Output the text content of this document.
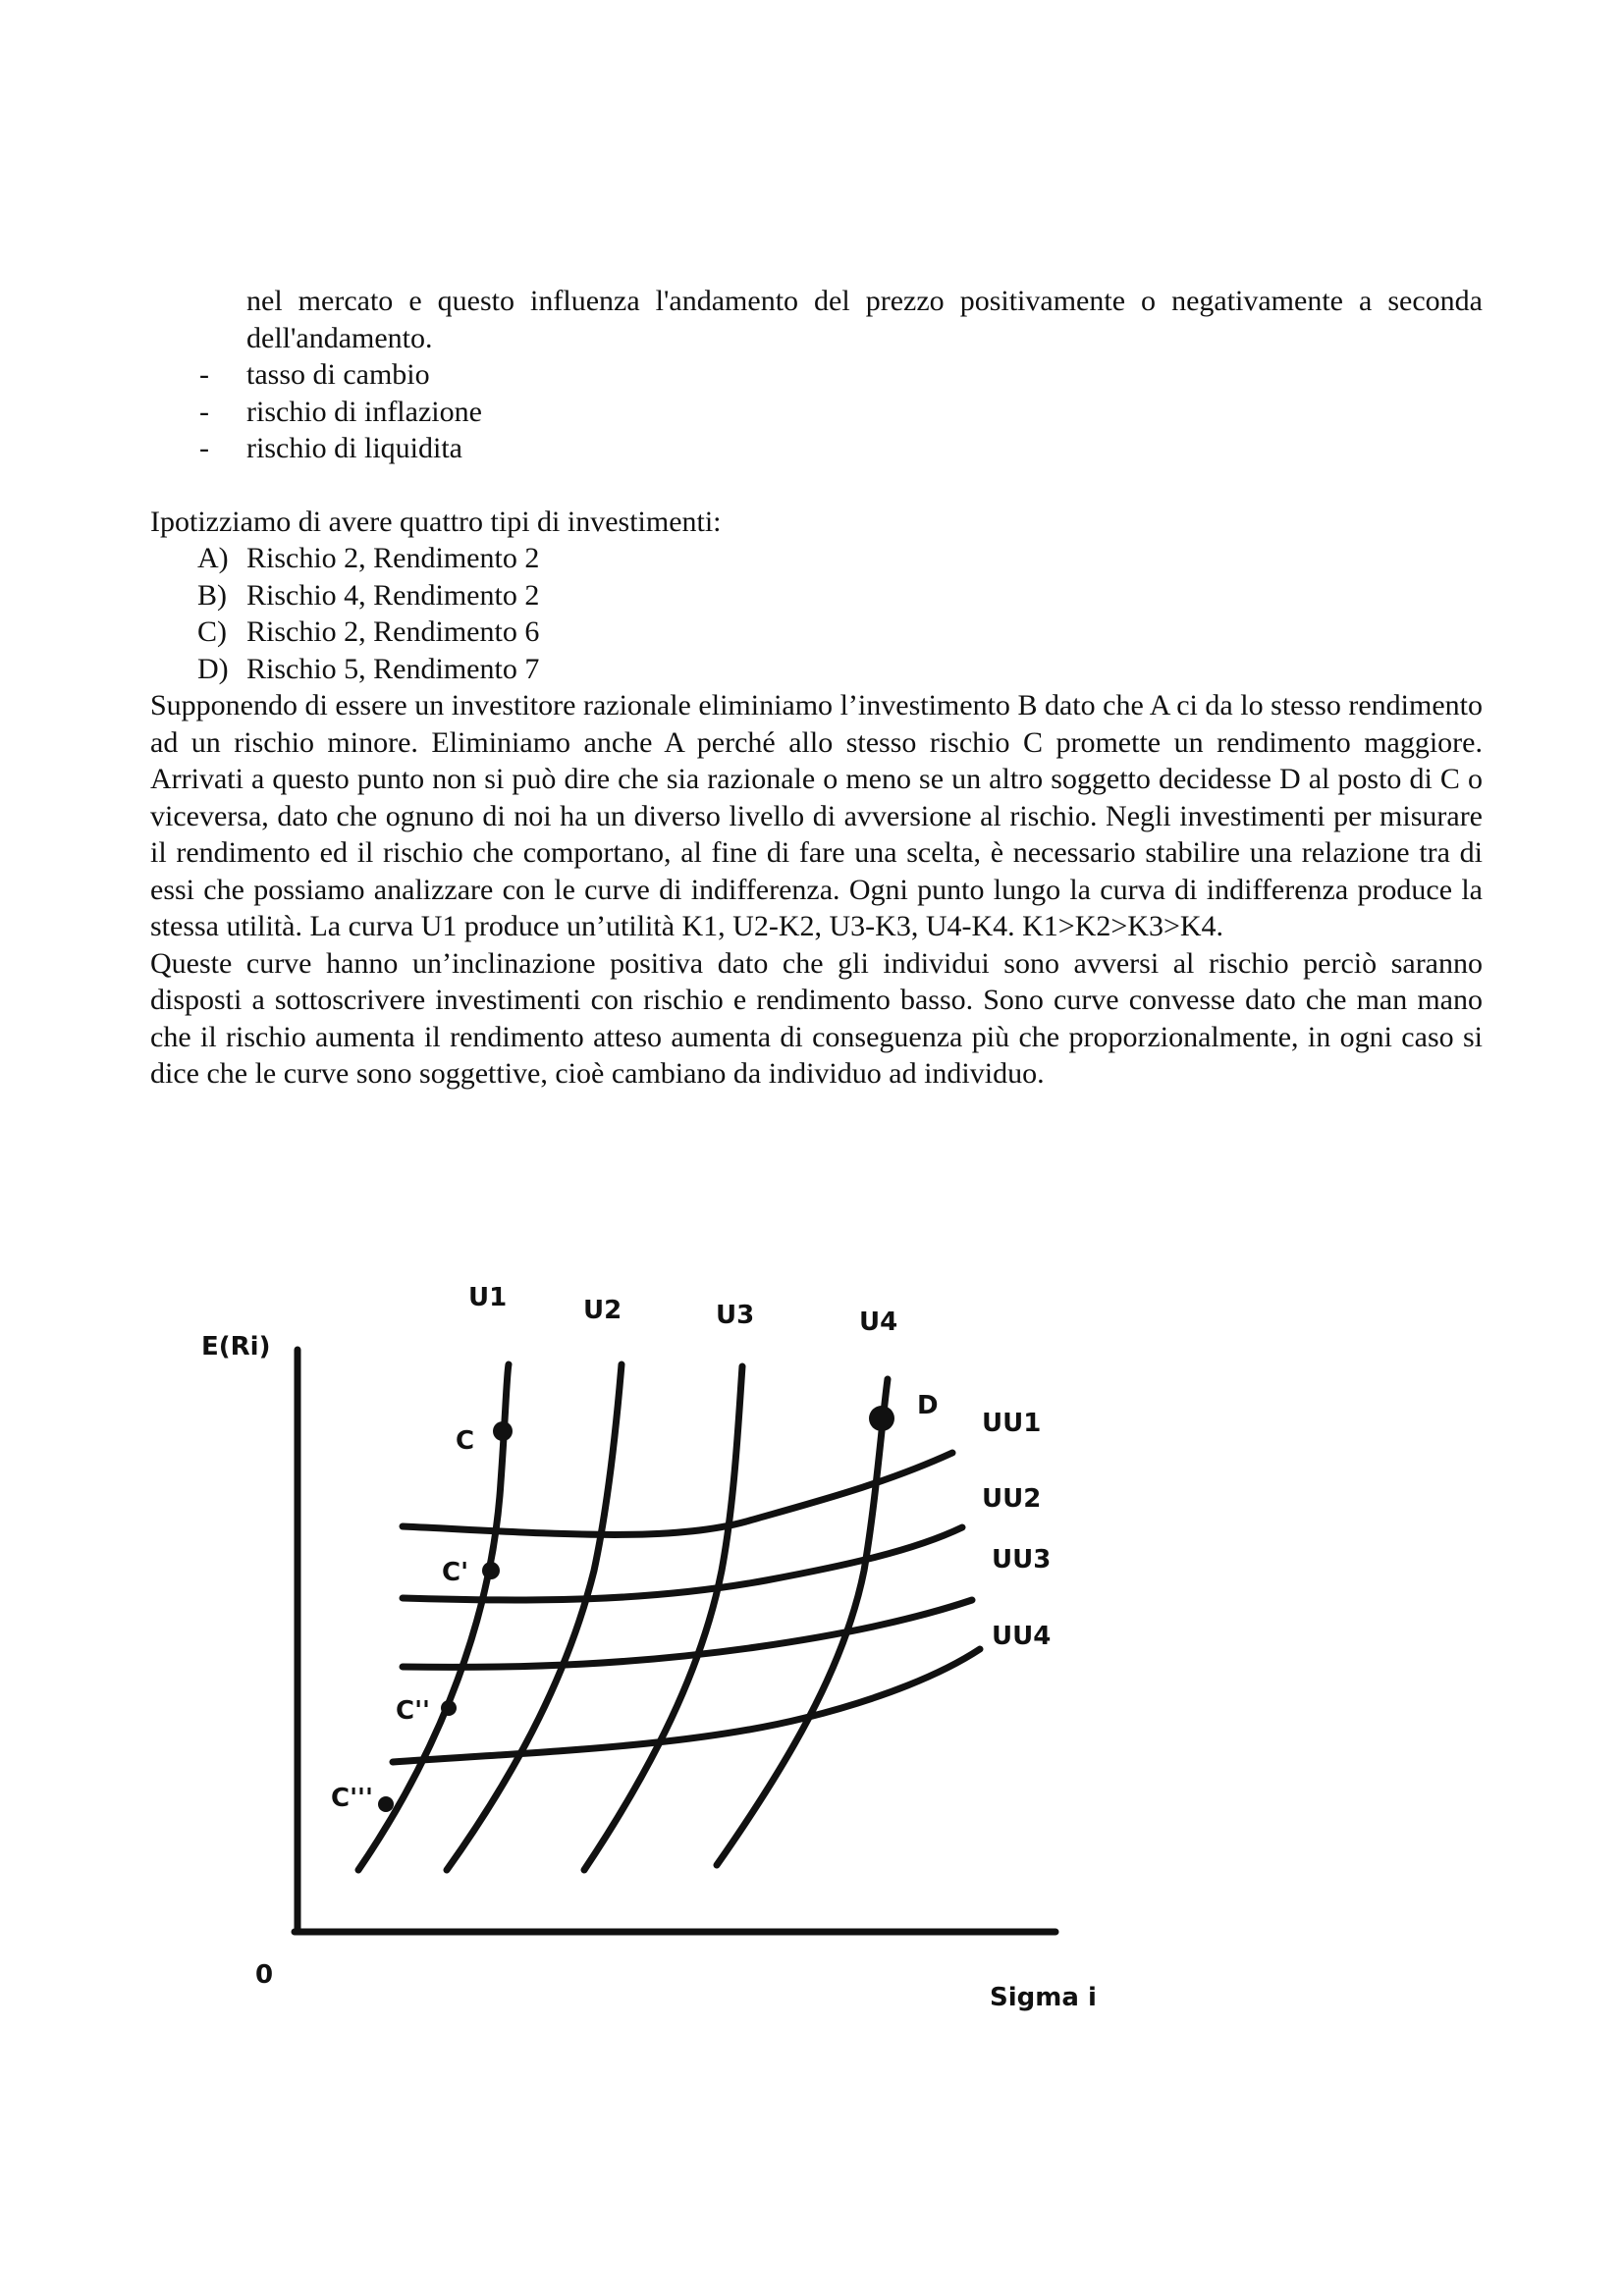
nel mercato e questo influenza l'andamento del prezzo positivamente o negativamente a seconda dell'andamento.

- tasso di cambio
- rischio di inflazione
- rischio di liquidita

Ipotizziamo di avere quattro tipi di investimenti:

A) Rischio 2, Rendimento 2
B) Rischio 4, Rendimento 2
C) Rischio 2, Rendimento 6
D) Rischio 5, Rendimento 7

Supponendo di essere un investitore razionale eliminiamo l’investimento B dato che A ci da lo stesso rendimento ad un rischio minore. Eliminiamo anche A perché allo stesso rischio C promette un rendimento maggiore. Arrivati a questo punto non si può dire che sia razionale o meno se un altro soggetto decidesse D al posto di C o viceversa, dato che ognuno di noi ha un diverso livello di avversione al rischio. Negli investimenti per misurare il rendimento ed il rischio che comportano, al fine di fare una scelta, è necessario stabilire una relazione tra di essi che possiamo analizzare con le curve di indifferenza. Ogni punto lungo la curva di indifferenza produce la stessa utilità. La curva U1 produce un’utilità K1, U2-K2, U3-K3, U4-K4. K1>K2>K3>K4.

Queste curve hanno un’inclinazione positiva dato che gli individui sono avversi al rischio perciò saranno disposti a sottoscrivere investimenti con rischio e rendimento basso. Sono curve convesse dato che man mano che il rischio aumenta il rendimento atteso aumenta di conseguenza più che proporzionalmente, in ogni caso si dice che le curve sono soggettive, cioè cambiano da individuo ad individuo.

E(Ri)
Sigma i
0
U1	U2	U3	U4
UU1
UU2
UU3
UU4
C
C'
C''
C'''
D
